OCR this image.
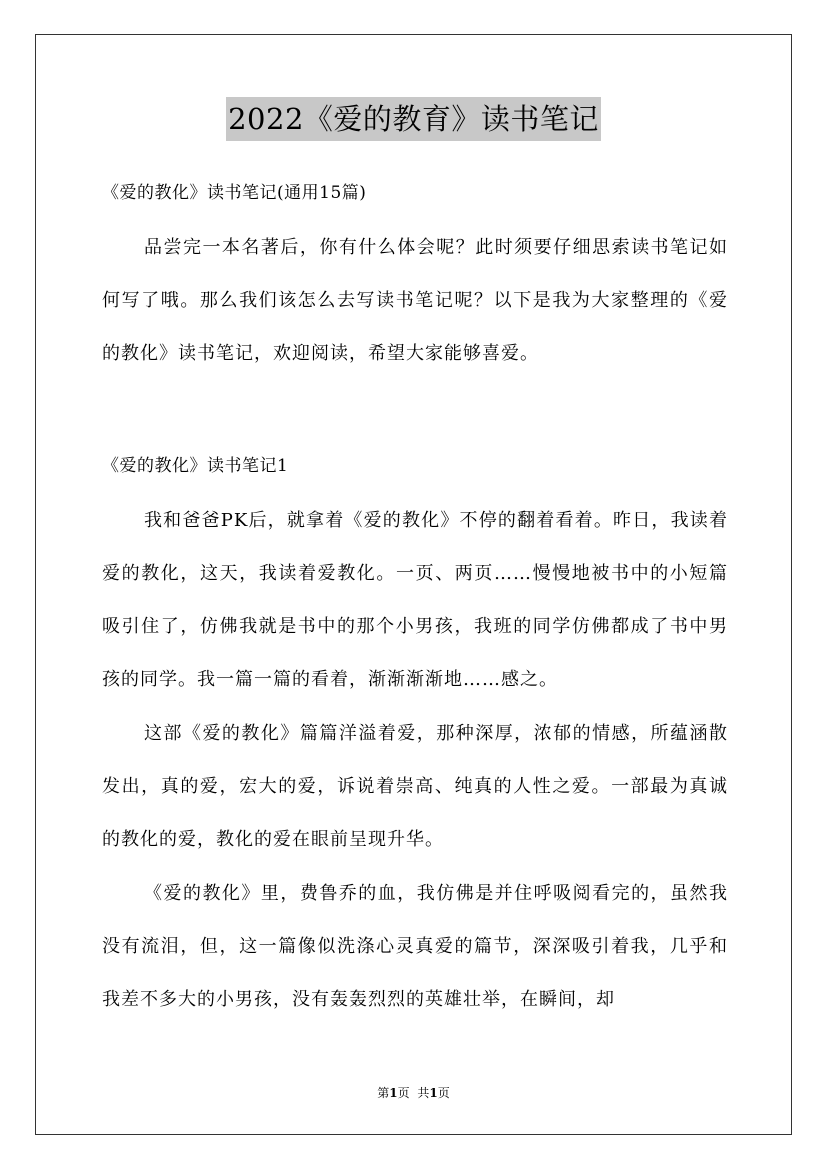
2022《爱的教育》读书笔记

《爱的教化》读书笔记(通用15篇)

品尝完一本名著后，你有什么体会呢？此时须要仔细思索读书笔记如何写了哦。那么我们该怎么去写读书笔记呢？以下是我为大家整理的《爱的教化》读书笔记，欢迎阅读，希望大家能够喜爱。

《爱的教化》读书笔记1

我和爸爸PK后，就拿着《爱的教化》不停的翻着看着。昨日，我读着爱的教化，这天，我读着爱教化。一页、两页……慢慢地被书中的小短篇吸引住了，仿佛我就是书中的那个小男孩，我班的同学仿佛都成了书中男孩的同学。我一篇一篇的看着，渐渐渐渐地……感之。

这部《爱的教化》篇篇洋溢着爱，那种深厚，浓郁的情感，所蕴涵散发出，真的爱，宏大的爱，诉说着崇高、纯真的人性之爱。一部最为真诚的教化的爱，教化的爱在眼前呈现升华。

《爱的教化》里，费鲁乔的血，我仿佛是并住呼吸阅看完的，虽然我没有流泪，但，这一篇像似洗涤心灵真爱的篇节，深深吸引着我，几乎和我差不多大的小男孩，没有轰轰烈烈的英雄壮举，在瞬间，却

第1页 共1页
